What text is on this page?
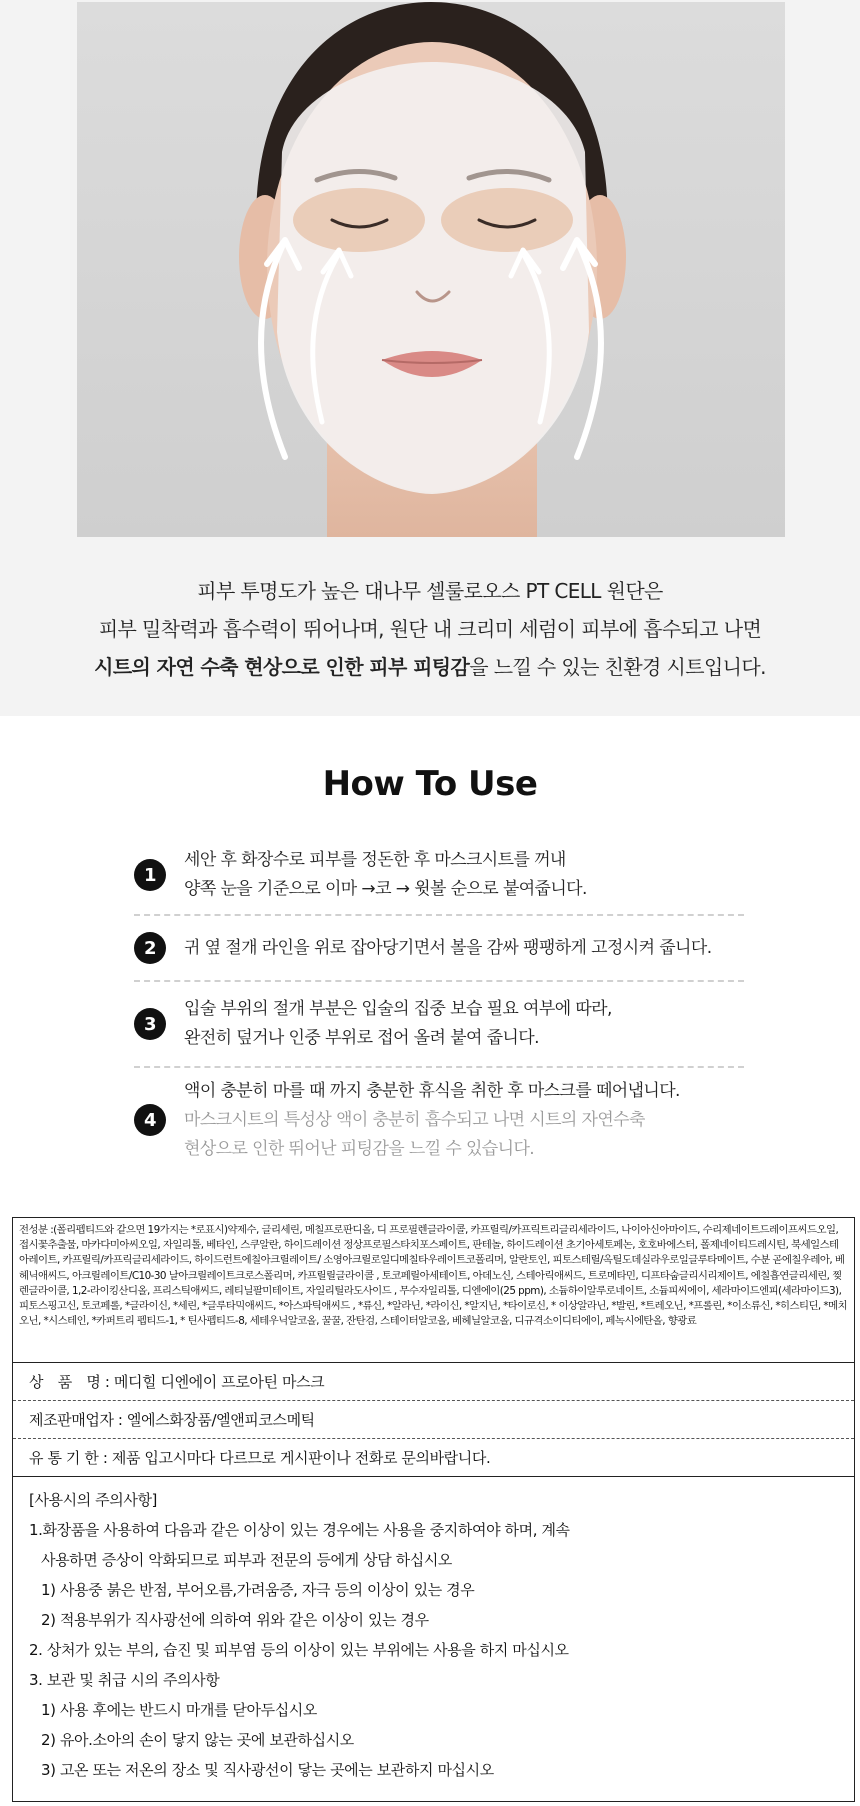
피부 투명도가 높은 대나무 셀룰로오스 PT CELL 원단은

피부 밀착력과 흡수력이 뛰어나며, 원단 내 크리미 세럼이 피부에 흡수되고 나면

시트의 자연 수축 현상으로 인한 피부 피팅감을 느낄 수 있는 친환경 시트입니다.

How To Use
1
세안 후 화장수로 피부를 정돈한 후 마스크시트를 꺼내
양쪽 눈을 기준으로 이마 →코 → 윗볼 순으로 붙여줍니다.
2	귀 옆 절개 라인을 위로 잡아당기면서 볼을 감싸 팽팽하게 고정시켜 줍니다.
3
입술 부위의 절개 부분은 입술의 집중 보습 필요 여부에 따라,
완전히 덮거나 인중 부위로 접어 올려 붙여 줍니다.
4
액이 충분히 마를 때 까지 충분한 휴식을 취한 후 마스크를 떼어냅니다.
마스크시트의 특성상 액이 충분히 흡수되고 나면 시트의 자연수축
현상으로 인한 뛰어난 피팅감을 느낄 수 있습니다.
전성분 :(폴리펩티드와 같으면 19가지는 *로표시)약제수, 글리세린, 메칠프로판디올, 디 프로필렌글라이콜, 카프릴릭/카프릭트리글리세라이드, 나이아신아마이드, 수리제네이트드레이프씨드오일, 접시꽃추출물, 마카다미아씨오일, 자일리톨, 베타인, 스쿠알란, 하이드레이션 정상프로필스타치포스페이트, 판테놀, 하이드레이션 초기아세토페논, 호호바에스터, 폴제네이티드레시틴, 북세일스테아레이트, 카프릴릭/카프릭글리세라이드, 하이드런트에칠아크릴레이트/ 소영아크릴로일디메칠타우레이트코폴리머, 알란토인, 피토스테릴/옥틸도데실라우로일글루타메이트, 수분 곧에칠우레아, 베헤닉애씨드, 아크릴레이트/C10-30 날아크릴레이트크로스폴리머, 카프릴릴글라이콜 , 토코페릴아세테이트, 아데노신, 스테아릭애씨드, 트로메타민, 디프타숩글리시리제이트, 에칠흡연글리세린, 찢렌글라이콜, 1,2-라이킹산디올, 프리스틱애씨드, 레티닐팔미테이트, 자일리틸라도사이드 , 무수자일리톨, 디엔에이(25 ppm), 소듐하이알루로네이트, 소듐피씨에이, 세라마이드엔피(세라마이드3), 피토스핑고신, 토코페롤, *글라이신, *세린, *글루타믹애씨드, *아스파틱애씨드 , *류신, *알라닌, *라이신, *알지닌, *타이로신, * 이상알라닌, *발린, *트레오닌, *프롤린, *이소류신, *히스티딘, *메치오닌, *시스테인, *카퍼트리 펩티드-1, * 틴사펩티드-8, 세테우닉알코올, 꿀꿀, 잔탄검, 스테이터알코올, 베헤닐알코올, 디규격소이디티에이, 페녹시에탄올, 향광료
상　품　명 : 메디힐 디엔에이 프로아틴 마스크
제조판매업자 : 엘에스화장품/엘앤피코스메틱
유 통 기 한 : 제품 입고시마다 다르므로 게시판이나 전화로 문의바랍니다.
[사용시의 주의사항]
1.화장품을 사용하여 다음과 같은 이상이 있는 경우에는 사용을 중지하여야 하며, 계속
사용하면 증상이 악화되므로 피부과 전문의 등에게 상담 하십시오
1) 사용중 붉은 반점, 부어오름,가려움증, 자극 등의 이상이 있는 경우
2) 적용부위가 직사광선에 의하여 위와 같은 이상이 있는 경우
2. 상처가 있는 부의, 습진 및 피부염 등의 이상이 있는 부위에는 사용을 하지 마십시오
3. 보관 및 취급 시의 주의사항
1) 사용 후에는 반드시 마개를 닫아두십시오
2) 유아.소아의 손이 닿지 않는 곳에 보관하십시오
3) 고온 또는 저온의 장소 및 직사광선이 닿는 곳에는 보관하지 마십시오
